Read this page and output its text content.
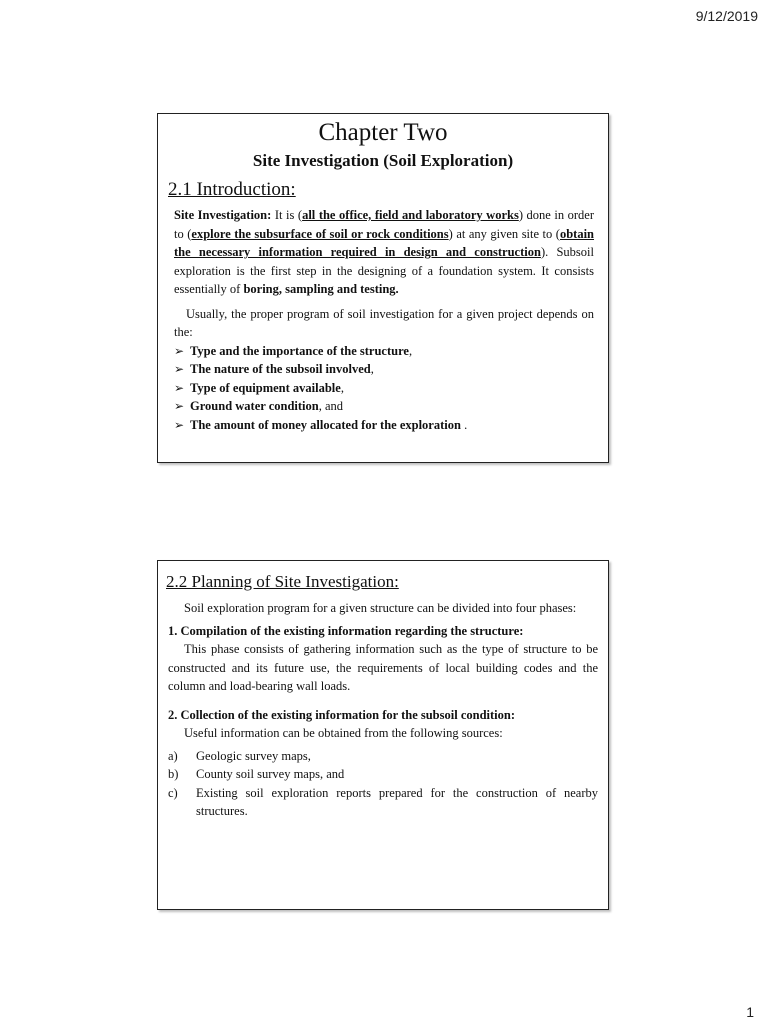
9/12/2019
Chapter Two
Site Investigation (Soil Exploration)
2.1 Introduction:

Site Investigation: It is (all the office, field and laboratory works) done in order to (explore the subsurface of soil or rock conditions) at any given site to (obtain the necessary information required in design and construction). Subsoil exploration is the first step in the designing of a foundation system. It consists essentially of boring, sampling and testing.

Usually, the proper program of soil investigation for a given project depends on the:

➢ Type and the importance of the structure,
➢ The nature of the subsoil involved,
➢ Type of equipment available,
➢ Ground water condition, and
➢ The amount of money allocated for the exploration .
2.2 Planning of Site Investigation:

Soil exploration program for a given structure can be divided into four phases:

1. Compilation of the existing information regarding the structure:

This phase consists of gathering information such as the type of structure to be constructed and its future use, the requirements of local building codes and the column and load-bearing wall loads.

2. Collection of the existing information for the subsoil condition:

Useful information can be obtained from the following sources:

a)	Geologic survey maps,
b)	County soil survey maps, and
c)	Existing soil exploration reports prepared for the construction of nearby structures.
1
